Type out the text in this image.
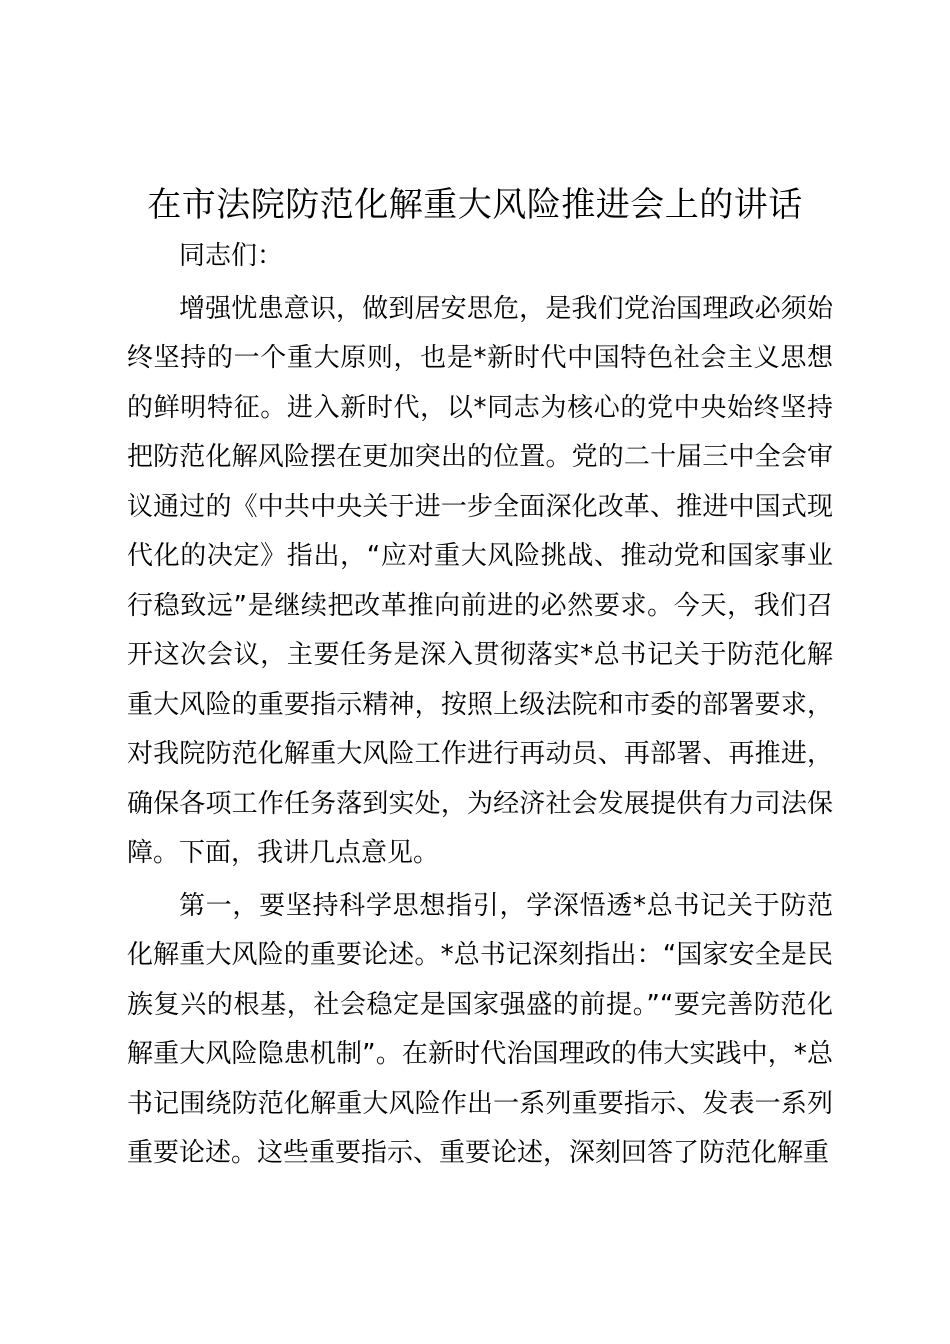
在市法院防范化解重大风险推进会上的讲话

同志们：

增强忧患意识，做到居安思危，是我们党治国理政必须始终坚持的一个重大原则，也是*新时代中国特色社会主义思想的鲜明特征。进入新时代，以*同志为核心的党中央始终坚持把防范化解风险摆在更加突出的位置。党的二十届三中全会审议通过的《中共中央关于进一步全面深化改革、推进中国式现代化的决定》指出，“应对重大风险挑战、推动党和国家事业行稳致远”是继续把改革推向前进的必然要求。今天，我们召开这次会议，主要任务是深入贯彻落实*总书记关于防范化解重大风险的重要指示精神，按照上级法院和市委的部署要求，对我院防范化解重大风险工作进行再动员、再部署、再推进，确保各项工作任务落到实处，为经济社会发展提供有力司法保障。下面，我讲几点意见。

第一，要坚持科学思想指引，学深悟透*总书记关于防范化解重大风险的重要论述。*总书记深刻指出：“国家安全是民族复兴的根基，社会稳定是国家强盛的前提。”“要完善防范化解重大风险隐患机制”。在新时代治国理政的伟大实践中，*总书记围绕防范化解重大风险作出一系列重要指示、发表一系列重要论述。这些重要指示、重要论述，深刻回答了防范化解重
